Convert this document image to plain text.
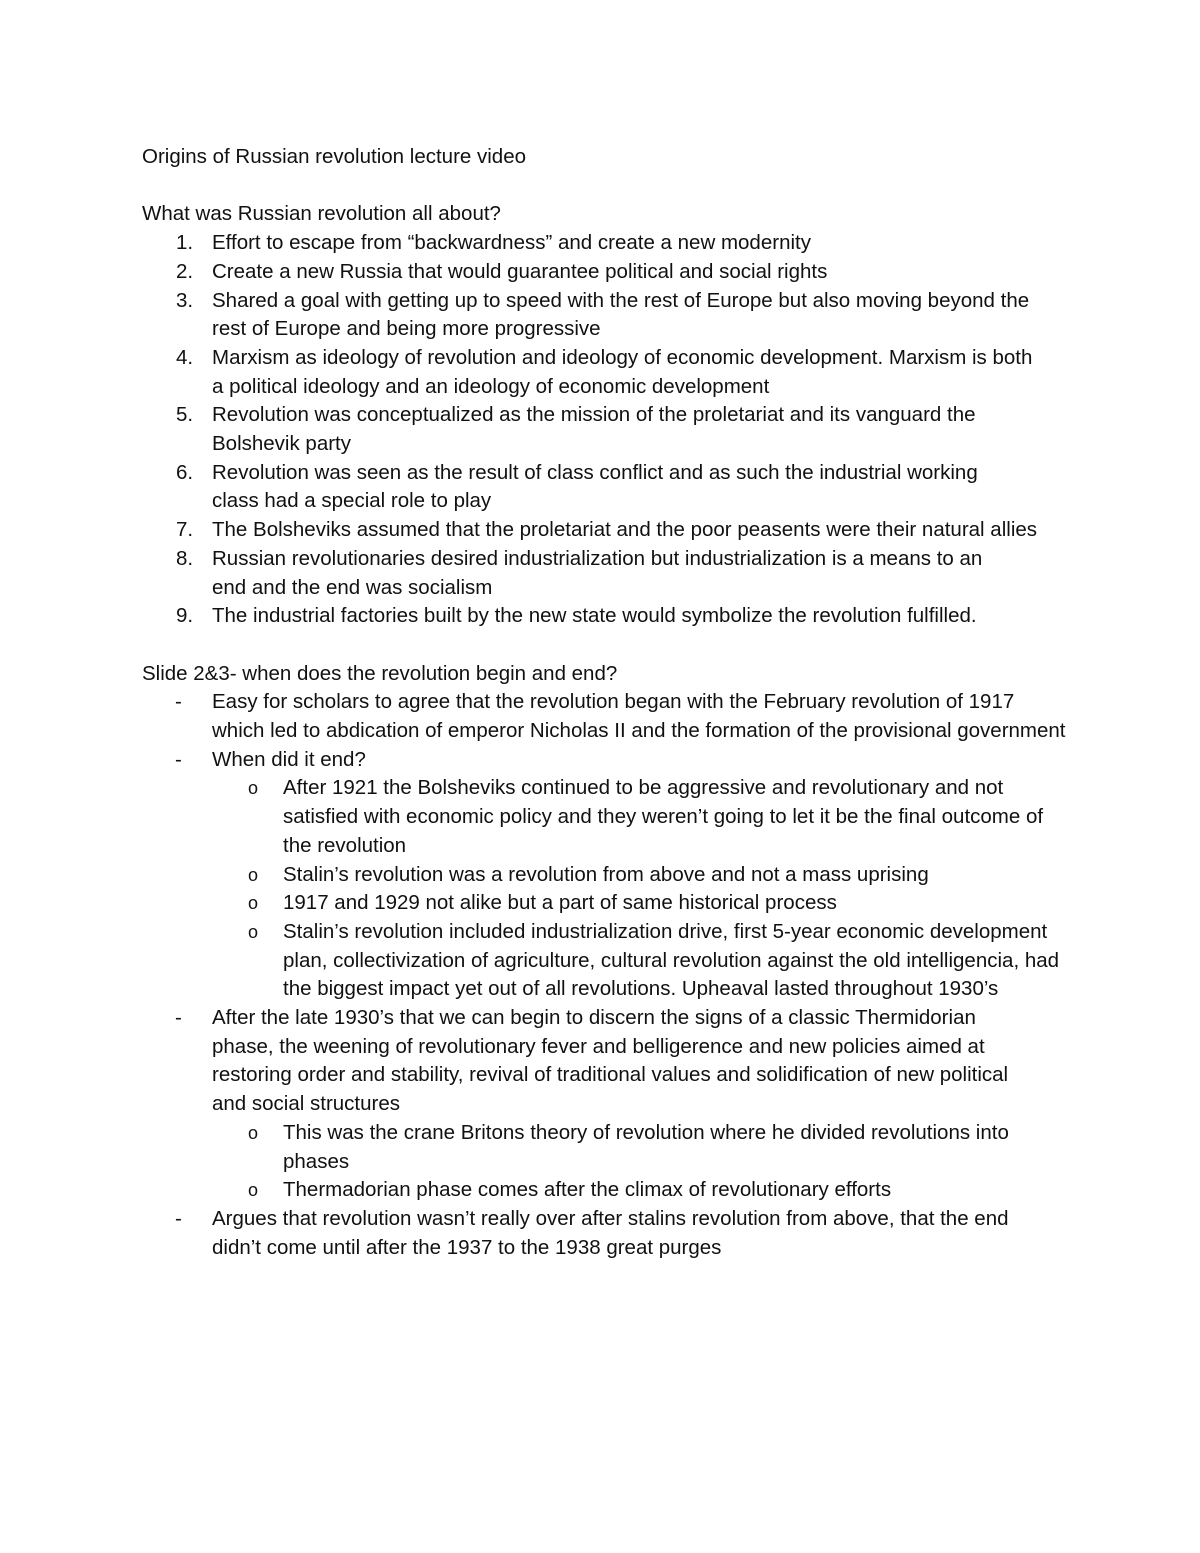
Origins of Russian revolution lecture video

What was Russian revolution all about?

1. Effort to escape from “backwardness” and create a new modernity
2. Create a new Russia that would guarantee political and social rights
3. Shared a goal with getting up to speed with the rest of Europe but also moving beyond the rest of Europe and being more progressive
4. Marxism as ideology of revolution and ideology of economic development. Marxism is both a political ideology and an ideology of economic development
5. Revolution was conceptualized as the mission of the proletariat and its vanguard the Bolshevik party
6. Revolution was seen as the result of class conflict and as such the industrial working class had a special role to play
7. The Bolsheviks assumed that the proletariat and the poor peasents were their natural allies
8. Russian revolutionaries desired industrialization but industrialization is a means to an end and the end was socialism
9. The industrial factories built by the new state would symbolize the revolution fulfilled.

Slide 2&3- when does the revolution begin and end?

- Easy for scholars to agree that the revolution began with the February revolution of 1917 which led to abdication of emperor Nicholas II and the formation of the provisional government
- When did it end?
o After 1921 the Bolsheviks continued to be aggressive and revolutionary and not satisfied with economic policy and they weren’t going to let it be the final outcome of the revolution
o Stalin’s revolution was a revolution from above and not a mass uprising
o 1917 and 1929 not alike but a part of same historical process
o Stalin’s revolution included industrialization drive, first 5-year economic development plan, collectivization of agriculture, cultural revolution against the old intelligencia, had the biggest impact yet out of all revolutions. Upheaval lasted throughout 1930’s
- After the late 1930’s that we can begin to discern the signs of a classic Thermidorian phase, the weening of revolutionary fever and belligerence and new policies aimed at restoring order and stability, revival of traditional values and solidification of new political and social structures
o This was the crane Britons theory of revolution where he divided revolutions into phases
o Thermadorian phase comes after the climax of revolutionary efforts
- Argues that revolution wasn’t really over after stalins revolution from above, that the end didn’t come until after the 1937 to the 1938 great purges
